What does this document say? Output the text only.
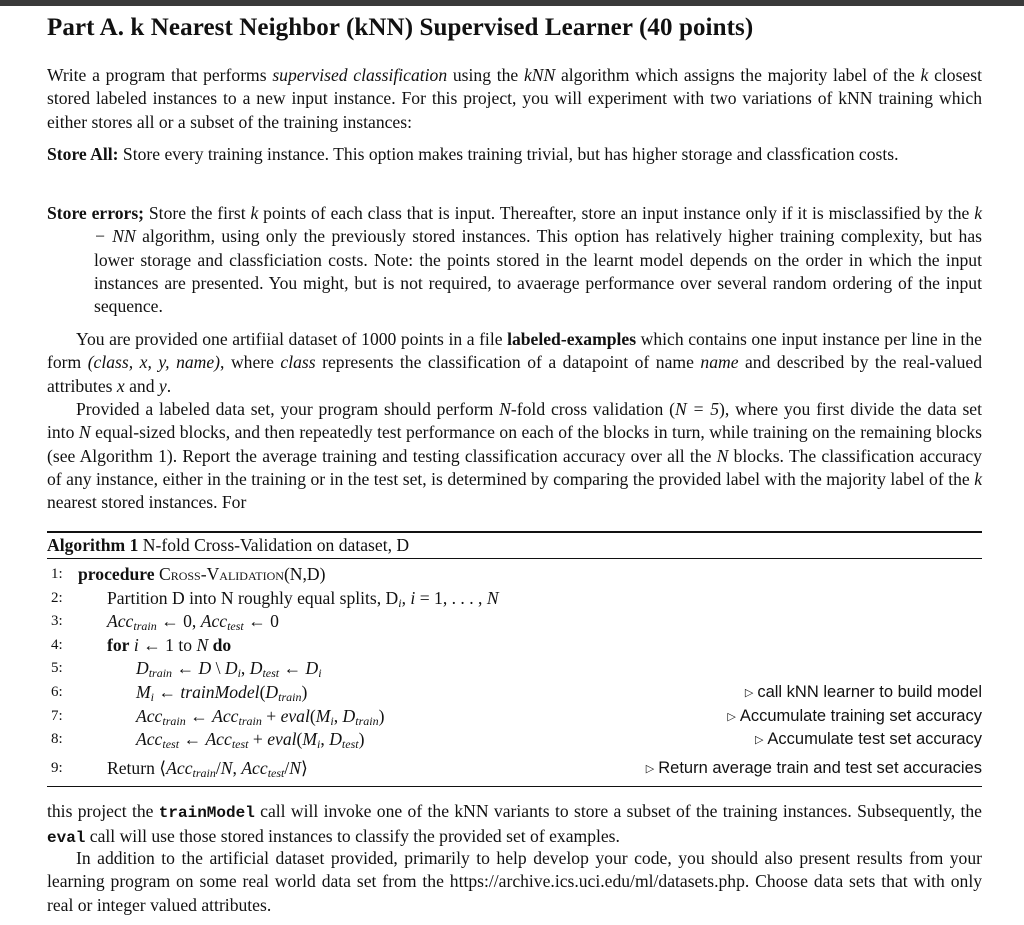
Part A. k Nearest Neighbor (kNN) Supervised Learner (40 points)
Write a program that performs supervised classification using the kNN algorithm which assigns the majority label of the k closest stored labeled instances to a new input instance. For this project, you will experiment with two variations of kNN training which either stores all or a subset of the training instances:
Store All: Store every training instance. This option makes training trivial, but has higher storage and classfication costs.
Store errors; Store the first k points of each class that is input. Thereafter, store an input instance only if it is misclassified by the k − NN algorithm, using only the previously stored instances. This option has relatively higher training complexity, but has lower storage and classficiation costs. Note: the points stored in the learnt model depends on the order in which the input instances are presented. You might, but is not required, to avaerage performance over several random ordering of the input sequence.
You are provided one artifiial dataset of 1000 points in a file labeled-examples which contains one input instance per line in the form (class, x, y, name), where class represents the classification of a datapoint of name name and described by the real-valued attributes x and y.
Provided a labeled data set, your program should perform N-fold cross validation (N = 5), where you first divide the data set into N equal-sized blocks, and then repeatedly test performance on each of the blocks in turn, while training on the remaining blocks (see Algorithm 1). Report the average training and testing classification accuracy over all the N blocks. The classification accuracy of any instance, either in the training or in the test set, is determined by comparing the provided label with the majority label of the k nearest stored instances. For
Algorithm 1 N-fold Cross-Validation on dataset, D
1: procedure Cross-Validation(N,D)
2:	Partition D into N roughly equal splits, $D_i$, i = 1, . . . , N
3:	Acc$_{train}$ ← 0, Acc$_{test}$ ← 0
4:	for i ← 1 to N do
5:	$D_{train}$ ← D \ $D_i$, $D_{test}$ ← $D_i$
6:	$M_i$ ← $trainModel(D_{train})$	▷ call kNN learner to build model
7:	Acc$_{train}$ ← $Acc_{train} + eval(M_i$, $D_{train}$)	▷ Accumulate training set accuracy
8:	Acc$_{test}$ ← $Acc_{test} + eval(M_i$, $D_{test}$)	▷ Accumulate test set accuracy
9:	Return ⟨Acc$_{train}$/N, Acc$_{test}$/N⟩	▷ Return average train and test set accuracies
this project the trainModel call will invoke one of the kNN variants to store a subset of the training instances. Subsequently, the eval call will use those stored instances to classify the provided set of examples.
In addition to the artificial dataset provided, primarily to help develop your code, you should also present results from your learning program on some real world data set from the https://archive.ics.uci.edu/ml/datasets.php. Choose data sets that with only real or integer valued attributes.
